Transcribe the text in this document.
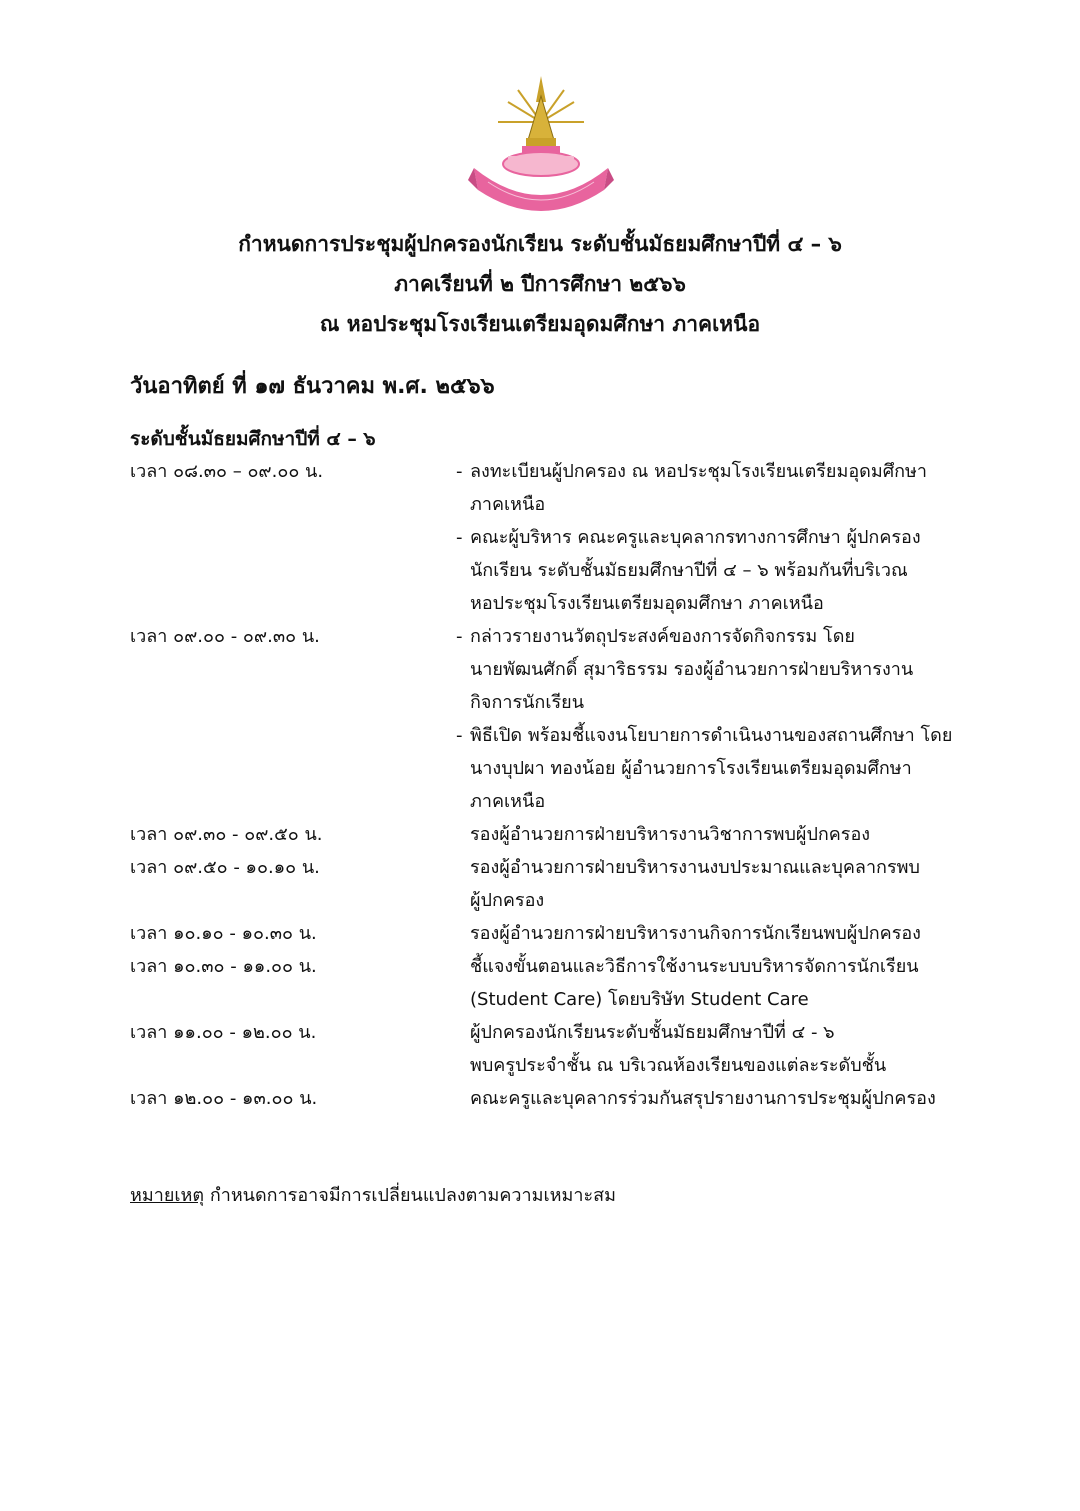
กำหนดการประชุมผู้ปกครองนักเรียน ระดับชั้นมัธยมศึกษาปีที่ ๔ – ๖
ภาคเรียนที่ ๒ ปีการศึกษา ๒๕๖๖
ณ หอประชุมโรงเรียนเตรียมอุดมศึกษา ภาคเหนือ
วันอาทิตย์ ที่ ๑๗ ธันวาคม พ.ศ. ๒๕๖๖
ระดับชั้นมัธยมศึกษาปีที่ ๔ – ๖
เวลา ๐๘.๓๐ – ๐๙.๐๐ น.	- ลงทะเบียนผู้ปกครอง ณ หอประชุมโรงเรียนเตรียมอุดมศึกษา
ภาคเหนือ
- คณะผู้บริหาร คณะครูและบุคลากรทางการศึกษา ผู้ปกครอง
นักเรียน ระดับชั้นมัธยมศึกษาปีที่ ๔ – ๖ พร้อมกันที่บริเวณ
หอประชุมโรงเรียนเตรียมอุดมศึกษา ภาคเหนือ
เวลา ๐๙.๐๐ - ๐๙.๓๐ น.	- กล่าวรายงานวัตถุประสงค์ของการจัดกิจกรรม โดย
นายพัฒนศักดิ์ สุมาริธรรม รองผู้อำนวยการฝ่ายบริหารงาน
กิจการนักเรียน
- พิธีเปิด พร้อมชี้แจงนโยบายการดำเนินงานของสถานศึกษา โดย
นางบุปผา ทองน้อย ผู้อำนวยการโรงเรียนเตรียมอุดมศึกษา
ภาคเหนือ
เวลา ๐๙.๓๐ - ๐๙.๕๐ น.	รองผู้อำนวยการฝ่ายบริหารงานวิชาการพบผู้ปกครอง
เวลา ๐๙.๕๐ - ๑๐.๑๐ น.	รองผู้อำนวยการฝ่ายบริหารงานงบประมาณและบุคลากรพบ
ผู้ปกครอง
เวลา ๑๐.๑๐ - ๑๐.๓๐ น.	รองผู้อำนวยการฝ่ายบริหารงานกิจการนักเรียนพบผู้ปกครอง
เวลา ๑๐.๓๐ - ๑๑.๐๐ น.	ชี้แจงขั้นตอนและวิธีการใช้งานระบบบริหารจัดการนักเรียน
(Student Care) โดยบริษัท Student Care
เวลา ๑๑.๐๐ - ๑๒.๐๐ น.	ผู้ปกครองนักเรียนระดับชั้นมัธยมศึกษาปีที่ ๔ - ๖
พบครูประจำชั้น ณ บริเวณห้องเรียนของแต่ละระดับชั้น
เวลา ๑๒.๐๐ - ๑๓.๐๐ น.	คณะครูและบุคลากรร่วมกันสรุปรายงานการประชุมผู้ปกครอง
หมายเหตุ กำหนดการอาจมีการเปลี่ยนแปลงตามความเหมาะสม
